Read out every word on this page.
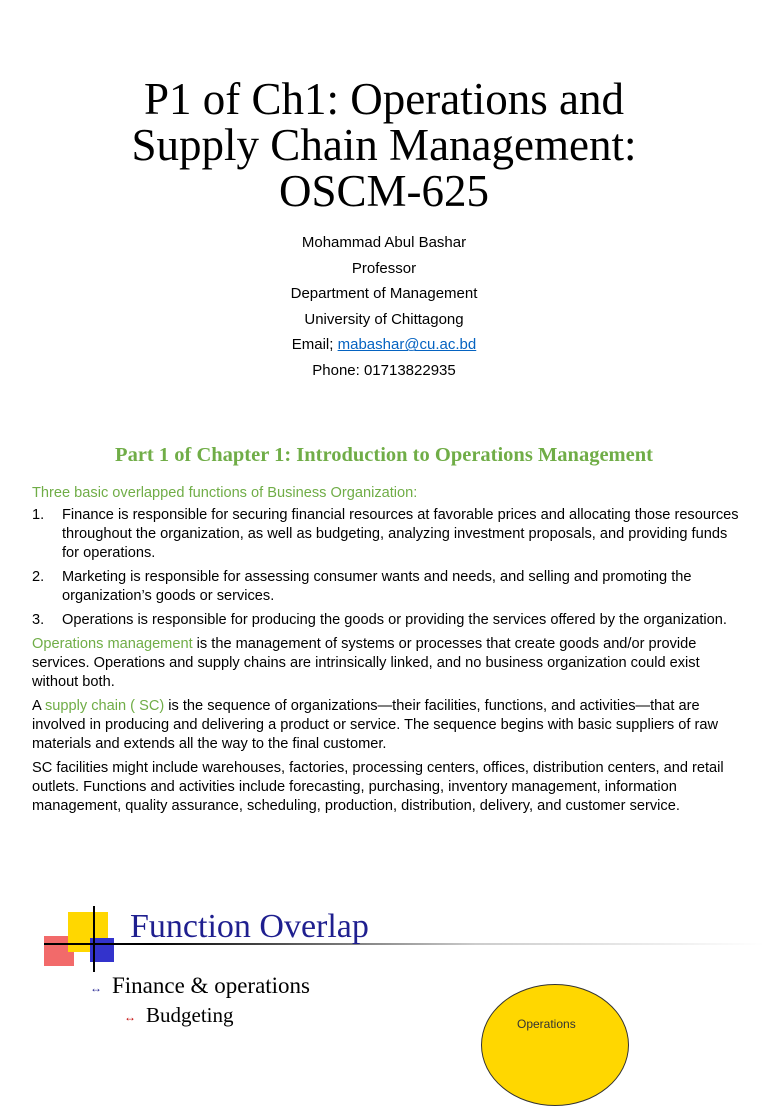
P1 of Ch1: Operations and
Supply Chain Management:
OSCM-625
Mohammad Abul Bashar
Professor
Department of Management
University of Chittagong
Email; mabashar@cu.ac.bd
Phone: 01713822935
Part 1 of Chapter 1: Introduction to Operations Management

Three basic overlapped functions of Business Organization:

1. Finance is responsible for securing financial resources at favorable prices and allocating those resources throughout the organization, as well as budgeting, analyzing investment proposals, and providing funds for operations.
2. Marketing is responsible for assessing consumer wants and needs, and selling and promoting the organization’s goods or services.
3. Operations is responsible for producing the goods or providing the services offered by the organization.

Operations management is the management of systems or processes that create goods and/or provide services. Operations and supply chains are intrinsically linked, and no business organization could exist without both.

A supply chain ( SC) is the sequence of organizations—their facilities, functions, and activities—that are involved in producing and delivering a product or service. The sequence begins with basic suppliers of raw materials and extends all the way to the final customer.

SC facilities might include warehouses, factories, processing centers, offices, distribution centers, and retail outlets. Functions and activities include forecasting, purchasing, inventory management, information management, quality assurance, scheduling, production, distribution, delivery, and customer service.

Function Overlap
↔ Finance & operations
↔ Budgeting	Operations
